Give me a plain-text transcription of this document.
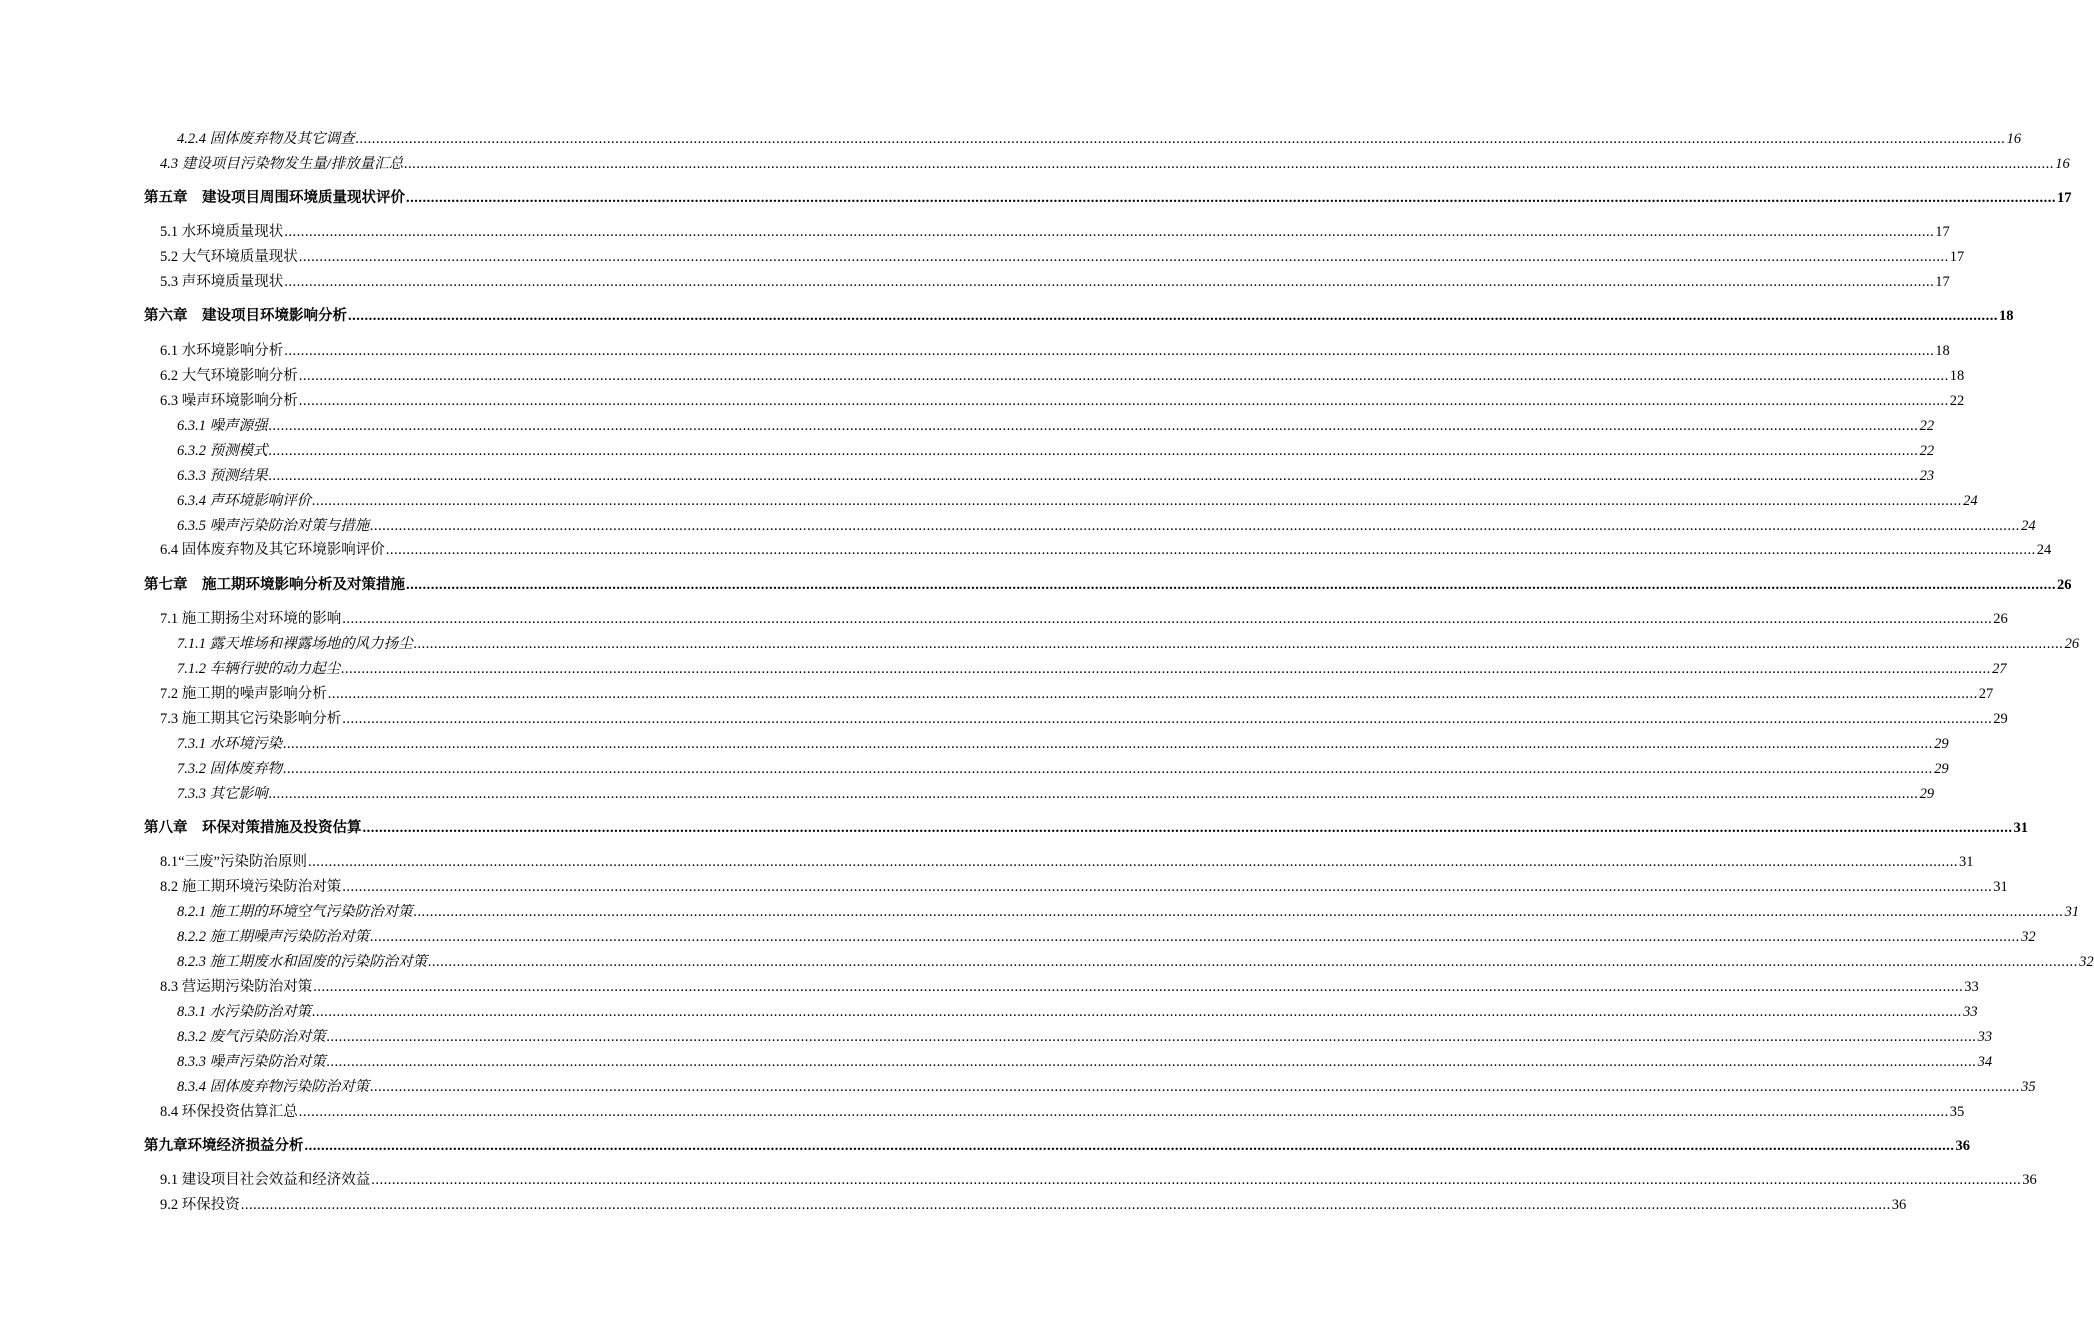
4.2.4 固体废弃物及其它调查 ................................................................................................................................................................................................................................................................................................................................................................................................................ 16
4.3 建设项目污染物发生量/排放量汇总 ................................................................................................................................................................................................................................................................................................................................................................................................................ 16
第五章　建设项目周围环境质量现状评价 ................................................................................................................................................................................................................................................................................................................................................................................................................ 17
5.1 水环境质量现状 ................................................................................................................................................................................................................................................................................................................................................................................................................ 17
5.2 大气环境质量现状 ................................................................................................................................................................................................................................................................................................................................................................................................................ 17
5.3 声环境质量现状 ................................................................................................................................................................................................................................................................................................................................................................................................................ 17
第六章　建设项目环境影响分析 ................................................................................................................................................................................................................................................................................................................................................................................................................ 18
6.1 水环境影响分析 ................................................................................................................................................................................................................................................................................................................................................................................................................ 18
6.2 大气环境影响分析 ................................................................................................................................................................................................................................................................................................................................................................................................................ 18
6.3 噪声环境影响分析 ................................................................................................................................................................................................................................................................................................................................................................................................................ 22
6.3.1 噪声源强 ................................................................................................................................................................................................................................................................................................................................................................................................................ 22
6.3.2 预测模式 ................................................................................................................................................................................................................................................................................................................................................................................................................ 22
6.3.3 预测结果 ................................................................................................................................................................................................................................................................................................................................................................................................................ 23
6.3.4 声环境影响评价 ................................................................................................................................................................................................................................................................................................................................................................................................................ 24
6.3.5 噪声污染防治对策与措施 ................................................................................................................................................................................................................................................................................................................................................................................................................ 24
6.4 固体废弃物及其它环境影响评价 ................................................................................................................................................................................................................................................................................................................................................................................................................ 24
第七章　施工期环境影响分析及对策措施 ................................................................................................................................................................................................................................................................................................................................................................................................................ 26
7.1 施工期扬尘对环境的影响 ................................................................................................................................................................................................................................................................................................................................................................................................................ 26
7.1.1 露天堆场和裸露场地的风力扬尘 ................................................................................................................................................................................................................................................................................................................................................................................................................ 26
7.1.2 车辆行驶的动力起尘 ................................................................................................................................................................................................................................................................................................................................................................................................................ 27
7.2 施工期的噪声影响分析 ................................................................................................................................................................................................................................................................................................................................................................................................................ 27
7.3 施工期其它污染影响分析 ................................................................................................................................................................................................................................................................................................................................................................................................................ 29
7.3.1 水环境污染 ................................................................................................................................................................................................................................................................................................................................................................................................................ 29
7.3.2 固体废弃物 ................................................................................................................................................................................................................................................................................................................................................................................................................ 29
7.3.3 其它影响 ................................................................................................................................................................................................................................................................................................................................................................................................................ 29
第八章　环保对策措施及投资估算 ................................................................................................................................................................................................................................................................................................................................................................................................................ 31
8.1“三废”污染防治原则 ................................................................................................................................................................................................................................................................................................................................................................................................................ 31
8.2 施工期环境污染防治对策 ................................................................................................................................................................................................................................................................................................................................................................................................................ 31
8.2.1 施工期的环境空气污染防治对策 ................................................................................................................................................................................................................................................................................................................................................................................................................ 31
8.2.2 施工期噪声污染防治对策 ................................................................................................................................................................................................................................................................................................................................................................................................................ 32
8.2.3 施工期废水和固废的污染防治对策 ................................................................................................................................................................................................................................................................................................................................................................................................................ 32
8.3 营运期污染防治对策 ................................................................................................................................................................................................................................................................................................................................................................................................................ 33
8.3.1 水污染防治对策 ................................................................................................................................................................................................................................................................................................................................................................................................................ 33
8.3.2 废气污染防治对策 ................................................................................................................................................................................................................................................................................................................................................................................................................ 33
8.3.3 噪声污染防治对策 ................................................................................................................................................................................................................................................................................................................................................................................................................ 34
8.3.4 固体废弃物污染防治对策 ................................................................................................................................................................................................................................................................................................................................................................................................................ 35
8.4 环保投资估算汇总 ................................................................................................................................................................................................................................................................................................................................................................................................................ 35
第九章环境经济损益分析 ................................................................................................................................................................................................................................................................................................................................................................................................................ 36
9.1 建设项目社会效益和经济效益 ................................................................................................................................................................................................................................................................................................................................................................................................................ 36
9.2 环保投资 ................................................................................................................................................................................................................................................................................................................................................................................................................ 36
